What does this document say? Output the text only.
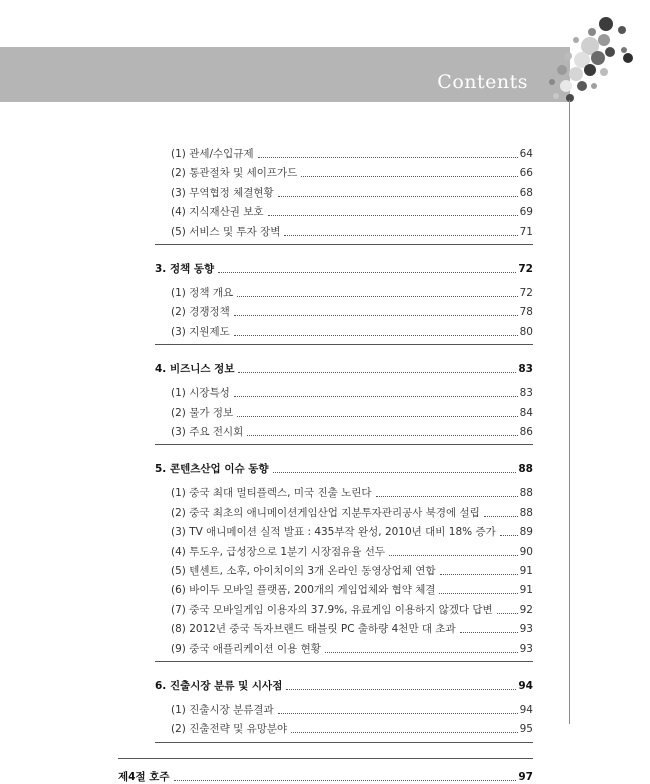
Contents
(1) 관세/수입규제	64
(2) 통관절차 및 세이프가드	66
(3) 무역협정 체결현황	68
(4) 지식재산권 보호	69
(5) 서비스 및 투자 장벽	71
3. 정책 동향	72
(1) 정책 개요	72
(2) 경쟁정책	78
(3) 지원제도	80
4. 비즈니스 정보	83
(1) 시장특성	83
(2) 물가 정보	84
(3) 주요 전시회	86
5. 콘텐츠산업 이슈 동향	88
(1) 중국 최대 멀티플렉스, 미국 진출 노린다	88
(2) 중국 최초의 애니메이션게임산업 지분투자관리공사 북경에 설립	88
(3) TV 애니메이션 실적 발표 : 435부작 완성, 2010년 대비 18% 증가 89
(4) 투도우, 급성장으로 1분기 시장점유율 선두	90
(5) 텐센트, 소후, 아이치이의 3개 온라인 동영상업체 연합	91
(6) 바이두 모바일 플랫폼, 200개의 게임업체와 협약 체결	91
(7) 중국 모바일게임 이용자의 37.9%, 유료게임 이용하지 않겠다 답변	92
(8) 2012년 중국 독자브랜드 태블릿 PC 출하량 4천만 대 초과	93
(9) 중국 애플리케이션 이용 현황	93
6. 진출시장 분류 및 시사점	94
(1) 진출시장 분류결과	94
(2) 진출전략 및 유망분야	95
제4절 호주	97
